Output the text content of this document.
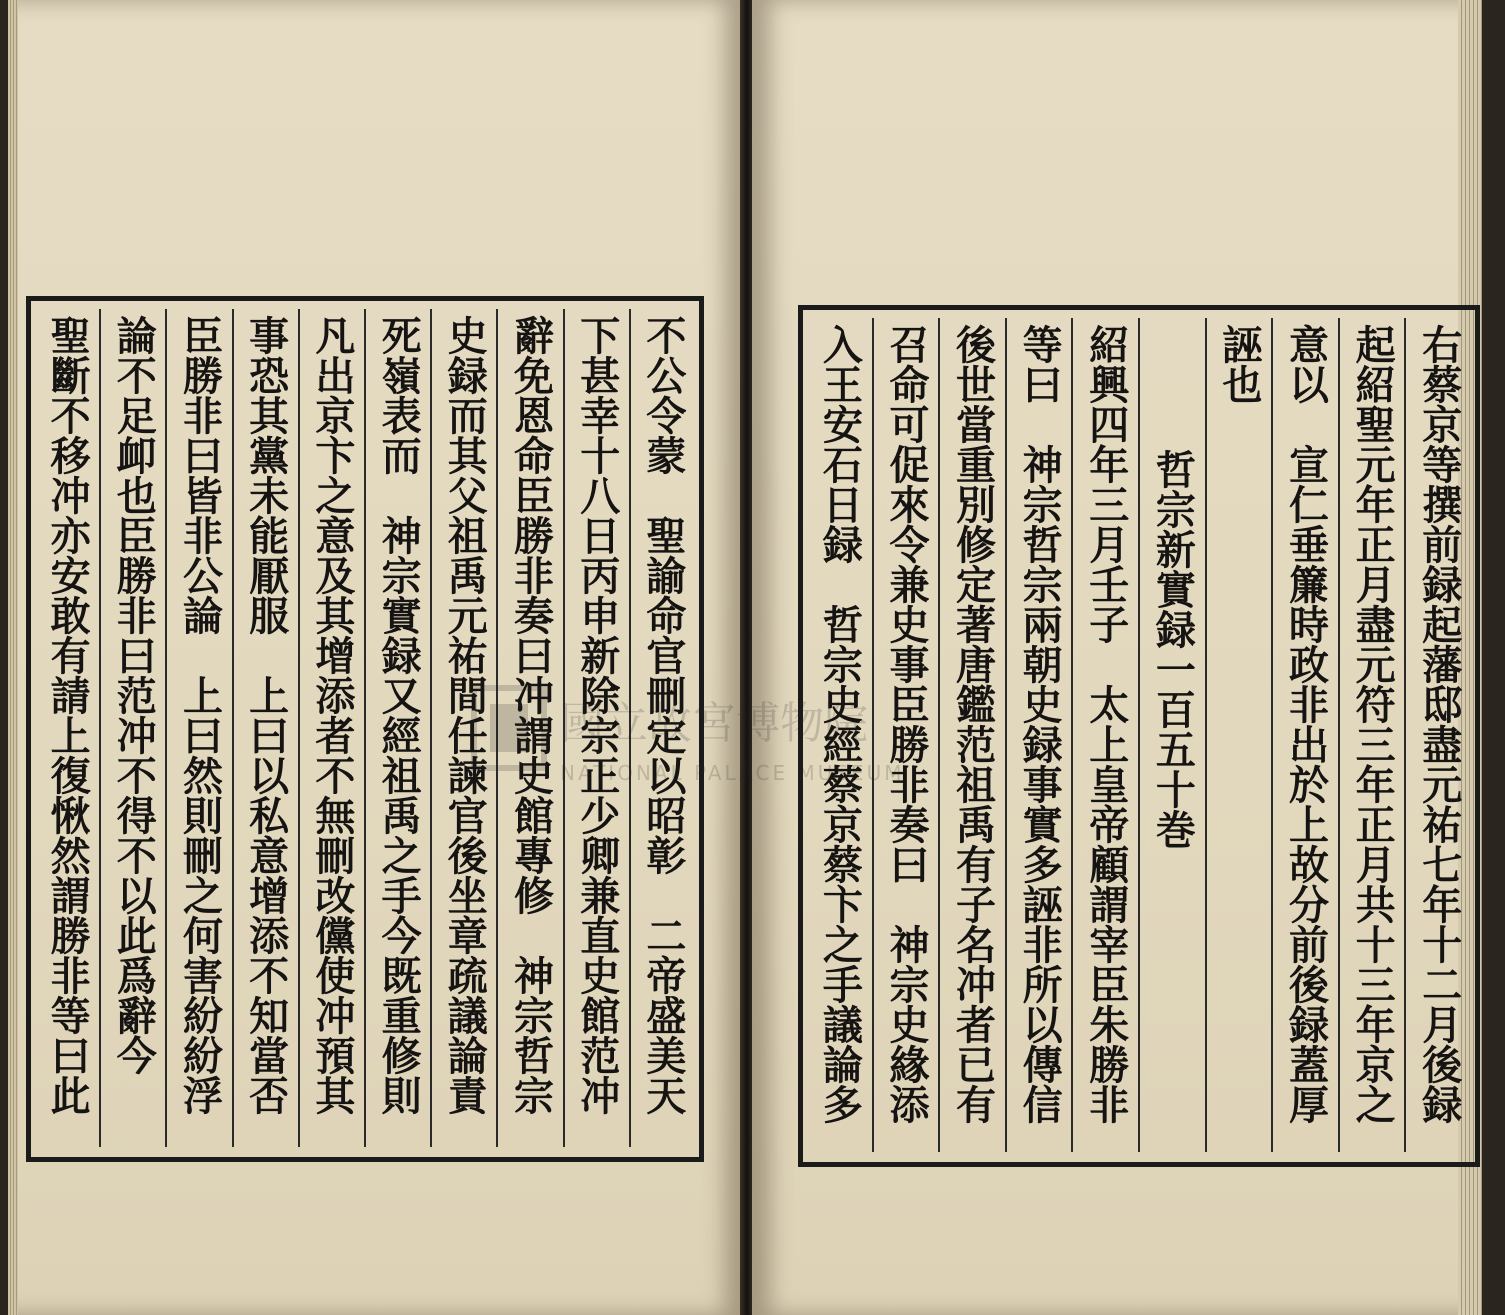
不公令蒙　聖諭命官刪定以昭彰　二帝盛美天
下甚幸十八日丙申新除宗正少卿兼直史館范冲
辭免恩命臣勝非奏曰冲謂史館專修　神宗哲宗
史録而其父祖禹元祐間任諫官後坐章疏議論責
死嶺表而　神宗實録又經祖禹之手今既重修則
凡出京卞之意及其增添者不無刪改儻使冲預其
事恐其黨未能厭服　上曰以私意增添不知當否
臣勝非曰皆非公論　上曰然則刪之何害紛紛浮
論不足卹也臣勝非曰范冲不得不以此爲辭今
聖斷不移冲亦安敢有請上復愀然謂勝非等曰此	右蔡京等撰前録起藩邸盡元祐七年十二月後録
起紹聖元年正月盡元符三年正月共十三年京之
意以　宣仁垂簾時政非出於上故分前後録蓋厚
誣也
哲宗新實録一百五十巻
紹興四年三月壬子　太上皇帝顧謂宰臣朱勝非
等曰　神宗哲宗兩朝史録事實多誣非所以傳信
後世當重別修定著唐鑑范祖禹有子名冲者已有
召命可促來令兼史事臣勝非奏曰　神宗史緣添
入王安石日録　哲宗史經蔡京蔡卞之手議論多
